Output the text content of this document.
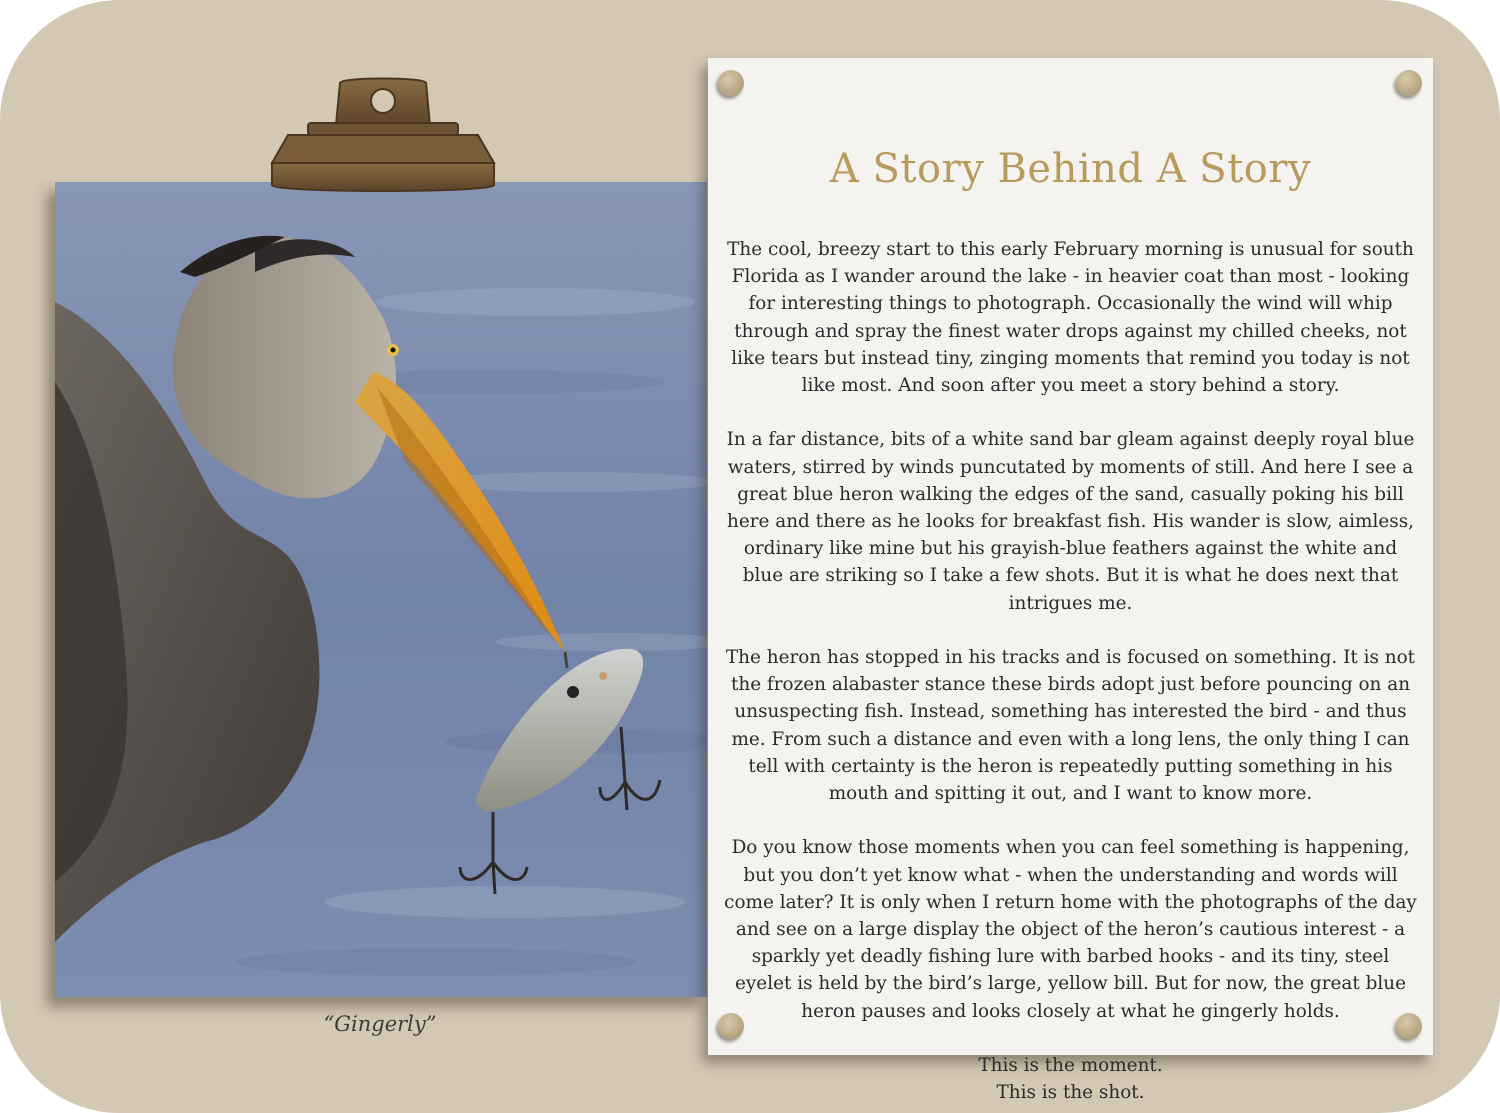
“Gingerly”
A Story Behind A Story

The cool, breezy start to this early February morning is unusual for south Florida as I wander around the lake - in heavier coat than most - looking for interesting things to photograph. Occasionally the wind will whip through and spray the finest water drops against my chilled cheeks, not like tears but instead tiny, zinging moments that remind you today is not like most. And soon after you meet a story behind a story.

In a far distance, bits of a white sand bar gleam against deeply royal blue waters, stirred by winds puncutated by moments of still. And here I see a great blue heron walking the edges of the sand, casually poking his bill here and there as he looks for breakfast fish. His wander is slow, aimless, ordinary like mine but his grayish-blue feathers against the white and blue are striking so I take a few shots. But it is what he does next that intrigues me.

The heron has stopped in his tracks and is focused on something. It is not the frozen alabaster stance these birds adopt just before pouncing on an unsuspecting fish. Instead, something has interested the bird - and thus me. From such a distance and even with a long lens, the only thing I can tell with certainty is the heron is repeatedly putting something in his mouth and spitting it out, and I want to know more.

Do you know those moments when you can feel something is happening, but you don’t yet know what - when the understanding and words will come later? It is only when I return home with the photographs of the day and see on a large display the object of the heron’s cautious interest - a sparkly yet deadly fishing lure with barbed hooks - and its tiny, steel eyelet is held by the bird’s large, yellow bill. But for now, the great blue heron pauses and looks closely at what he gingerly holds.

This is the moment.
This is the shot.
